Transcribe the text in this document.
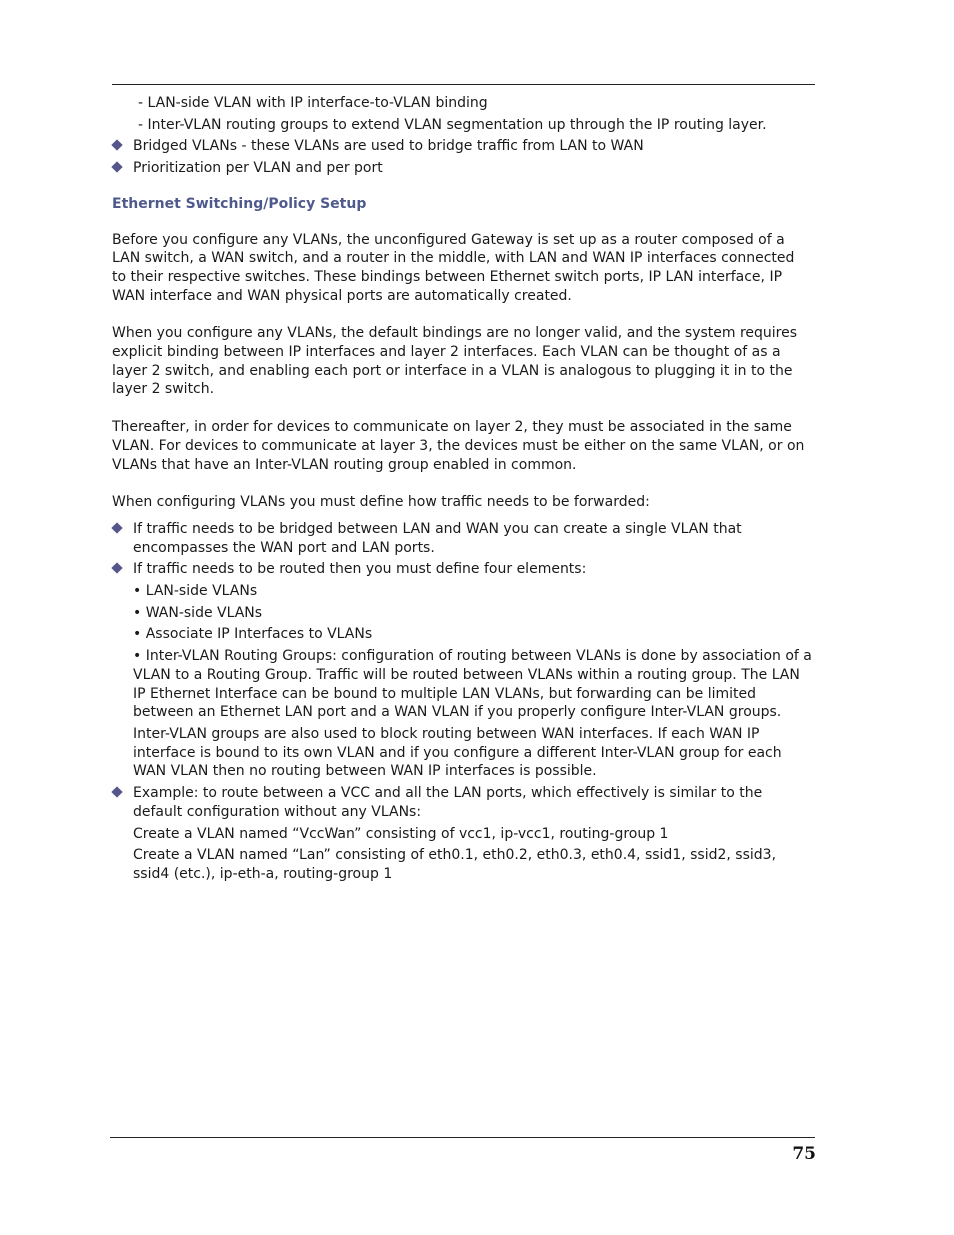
- LAN-side VLAN with IP interface-to-VLAN binding
- Inter-VLAN routing groups to extend VLAN segmentation up through the IP routing layer.
Bridged VLANs - these VLANs are used to bridge traffic from LAN to WAN
Prioritization per VLAN and per port
Ethernet Switching/Policy Setup

Before you configure any VLANs, the unconfigured Gateway is set up as a router composed of a LAN switch, a WAN switch, and a router in the middle, with LAN and WAN IP interfaces connected to their respective switches. These bindings between Ethernet switch ports, IP LAN interface, IP WAN interface and WAN physical ports are automatically created.

When you configure any VLANs, the default bindings are no longer valid, and the system requires explicit binding between IP interfaces and layer 2 interfaces. Each VLAN can be thought of as a layer 2 switch, and enabling each port or interface in a VLAN is analogous to plugging it in to the layer 2 switch.

Thereafter, in order for devices to communicate on layer 2, they must be associated in the same VLAN. For devices to communicate at layer 3, the devices must be either on the same VLAN, or on VLANs that have an Inter-VLAN routing group enabled in common.

When configuring VLANs you must define how traffic needs to be forwarded:

If traffic needs to be bridged between LAN and WAN you can create a single VLAN that encompasses the WAN port and LAN ports.
If traffic needs to be routed then you must define four elements:
• LAN-side VLANs
• WAN-side VLANs
• Associate IP Interfaces to VLANs
• Inter-VLAN Routing Groups: configuration of routing between VLANs is done by association of a VLAN to a Routing Group. Traffic will be routed between VLANs within a routing group. The LAN IP Ethernet Interface can be bound to multiple LAN VLANs, but forwarding can be limited between an Ethernet LAN port and a WAN VLAN if you properly configure Inter-VLAN groups.
Inter-VLAN groups are also used to block routing between WAN interfaces. If each WAN IP interface is bound to its own VLAN and if you configure a different Inter-VLAN group for each WAN VLAN then no routing between WAN IP interfaces is possible.
Example: to route between a VCC and all the LAN ports, which effectively is similar to the default configuration without any VLANs:
Create a VLAN named “VccWan” consisting of vcc1, ip-vcc1, routing-group 1
Create a VLAN named “Lan” consisting of eth0.1, eth0.2, eth0.3, eth0.4, ssid1, ssid2, ssid3, ssid4 (etc.), ip-eth-a, routing-group 1
75
